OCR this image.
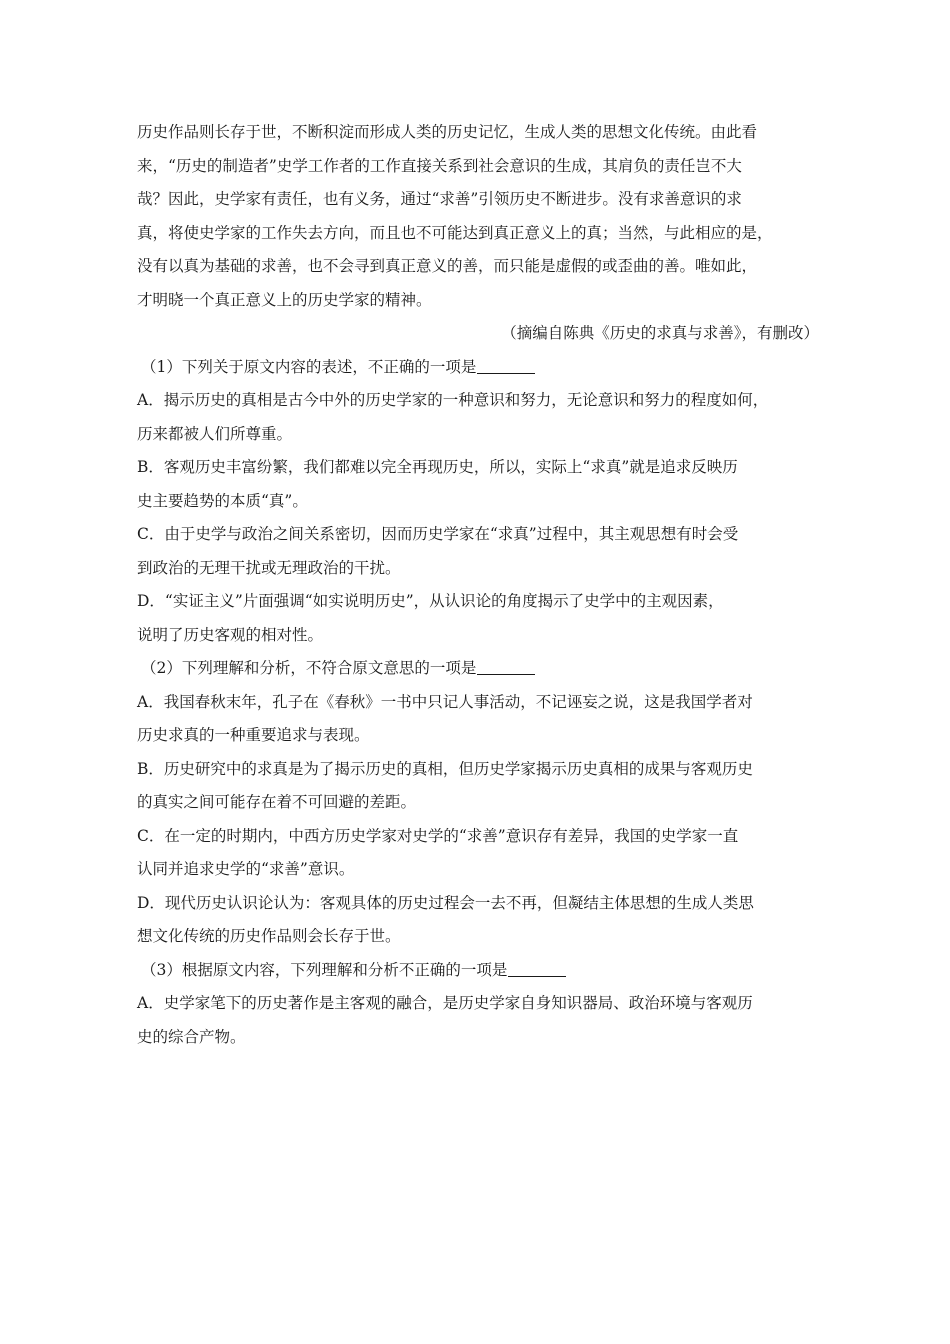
历史作品则长存于世，不断积淀而形成人类的历史记忆，生成人类的思想文化传统。由此看
来，“历史的制造者”史学工作者的工作直接关系到社会意识的生成，其肩负的责任岂不大
哉？因此，史学家有责任，也有义务，通过“求善”引领历史不断进步。没有求善意识的求
真，将使史学家的工作失去方向，而且也不可能达到真正意义上的真；当然，与此相应的是，
没有以真为基础的求善，也不会寻到真正意义的善，而只能是虚假的或歪曲的善。唯如此，
才明晓一个真正意义上的历史学家的精神。
（摘编自陈典《历史的求真与求善》，有删改）
（1）下列关于原文内容的表述，不正确的一项是
A．揭示历史的真相是古今中外的历史学家的一种意识和努力，无论意识和努力的程度如何，
历来都被人们所尊重。
B．客观历史丰富纷繁，我们都难以完全再现历史，所以，实际上“求真”就是追求反映历
史主要趋势的本质“真”。
C．由于史学与政治之间关系密切，因而历史学家在“求真”过程中，其主观思想有时会受
到政治的无理干扰或无理政治的干扰。
D．“实证主义”片面强调“如实说明历史”，从认识论的角度揭示了史学中的主观因素，
说明了历史客观的相对性。
（2）下列理解和分析，不符合原文意思的一项是
A．我国春秋末年，孔子在《春秋》一书中只记人事活动，不记诬妄之说，这是我国学者对
历史求真的一种重要追求与表现。
B．历史研究中的求真是为了揭示历史的真相，但历史学家揭示历史真相的成果与客观历史
的真实之间可能存在着不可回避的差距。
C．在一定的时期内，中西方历史学家对史学的“求善”意识存有差异，我国的史学家一直
认同并追求史学的“求善”意识。
D．现代历史认识论认为：客观具体的历史过程会一去不再，但凝结主体思想的生成人类思
想文化传统的历史作品则会长存于世。
（3）根据原文内容，下列理解和分析不正确的一项是
A．史学家笔下的历史著作是主客观的融合，是历史学家自身知识器局、政治环境与客观历
史的综合产物。
